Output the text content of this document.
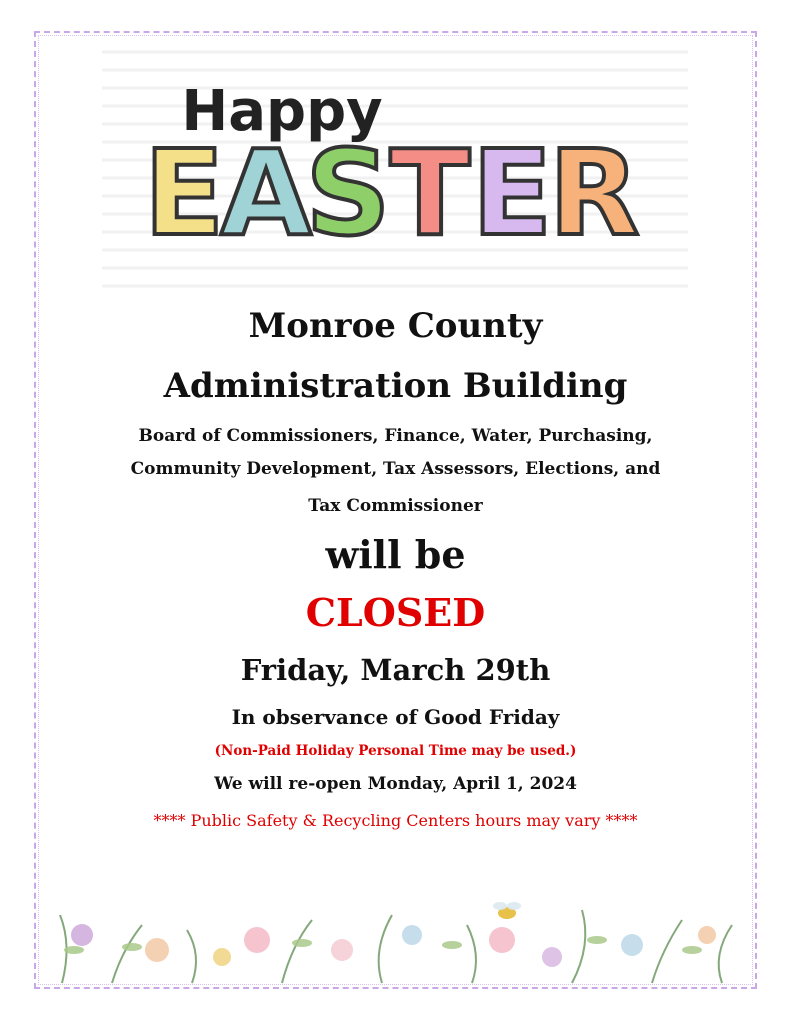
Happy
E
A
S T E
R
Monroe County
Administration Building
Board of Commissioners, Finance, Water, Purchasing,
Community Development, Tax Assessors, Elections, and
Tax Commissioner
will be
CLOSED
Friday, March 29th
In observance of Good Friday
(Non-Paid Holiday Personal Time may be used.)
We will re-open Monday, April 1, 2024
**** Public Safety & Recycling Centers hours may vary ****
